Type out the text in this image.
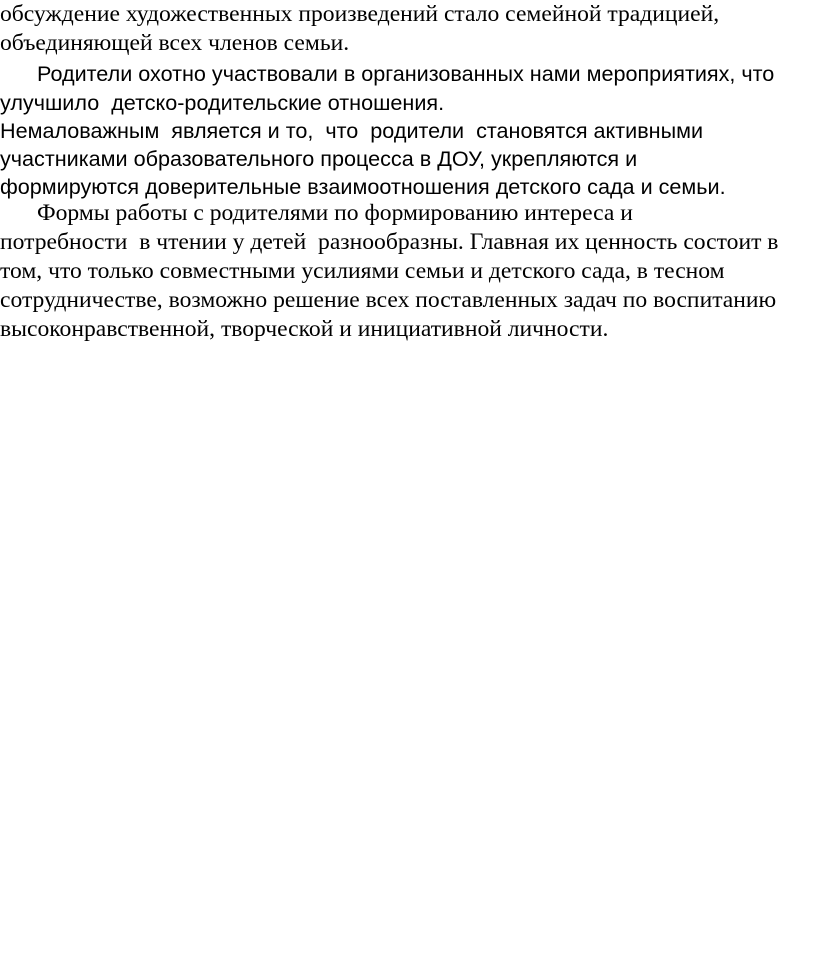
обсуждение художественных произведений стало семейной традицией,
объединяющей всех членов семьи.
Родители охотно участвовали в организованных нами мероприятиях, что
улучшило  детско-родительские отношения.
Немаловажным  является и то,  что  родители  становятся активными
участниками образовательного процесса в ДОУ, укрепляются и
формируются доверительные взаимоотношения детского сада и семьи.
Формы работы с родителями по формированию интереса и
потребности  в чтении у детей  разнообразны. Главная их ценность состоит в
том, что только совместными усилиями семьи и детского сада, в тесном
сотрудничестве, возможно решение всех поставленных задач по воспитанию
высоконравственной, творческой и инициативной личности.
